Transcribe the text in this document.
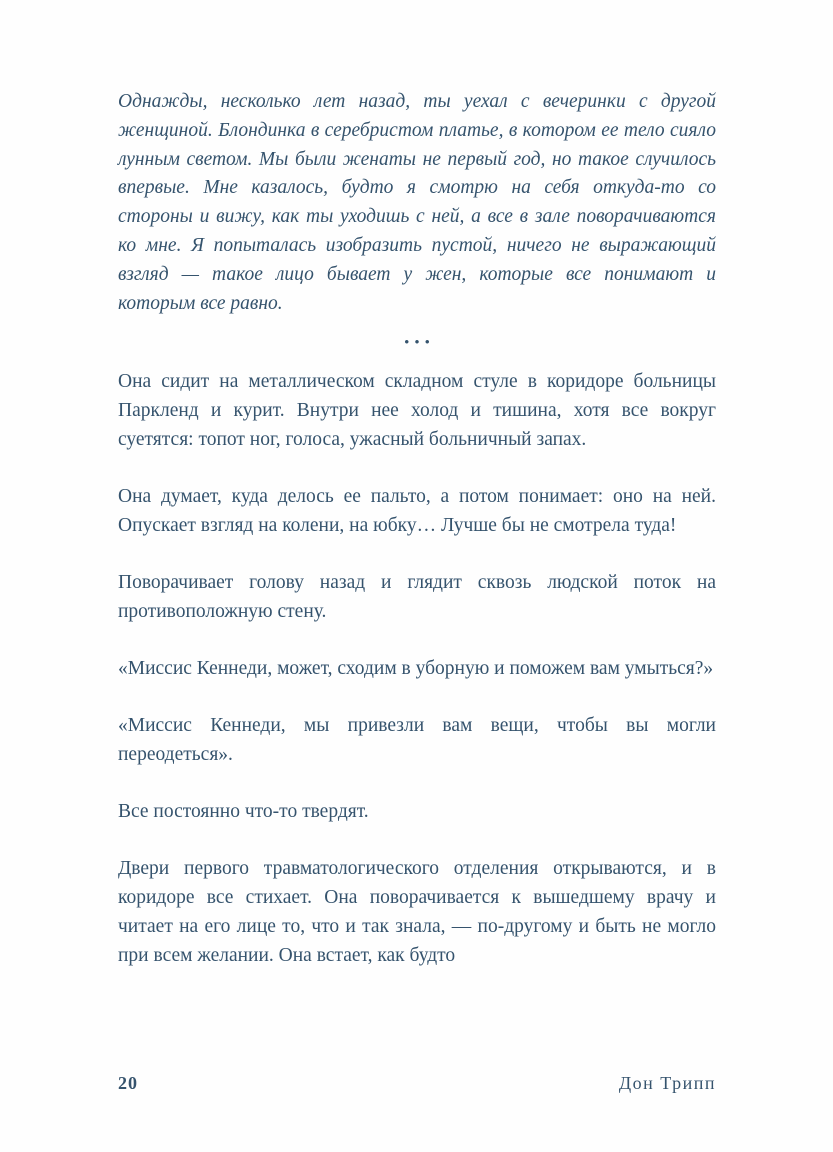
Однажды, несколько лет назад, ты уехал с вечеринки с другой женщиной. Блондинка в серебристом платье, в котором ее тело сияло лунным светом. Мы были женаты не первый год, но такое случилось впервые. Мне казалось, будто я смотрю на себя откуда-то со стороны и вижу, как ты уходишь с ней, а все в зале поворачиваются ко мне. Я попыталась изобразить пустой, ничего не выражающий взгляд — такое лицо бывает у жен, которые все понимают и которым все равно.

•••

Она сидит на металлическом складном стуле в коридоре больницы Паркленд и курит. Внутри нее холод и тишина, хотя все вокруг суетятся: топот ног, голоса, ужасный больничный запах.

Она думает, куда делось ее пальто, а потом понимает: оно на ней. Опускает взгляд на колени, на юбку… Лучше бы не смотрела туда!

Поворачивает голову назад и глядит сквозь людской поток на противоположную стену.

«Миссис Кеннеди, может, сходим в уборную и поможем вам умыться?»

«Миссис Кеннеди, мы привезли вам вещи, чтобы вы могли переодеться».

Все постоянно что-то твердят.

Двери первого травматологического отделения открываются, и в коридоре все стихает. Она поворачивается к вышедшему врачу и читает на его лице то, что и так знала, — по-другому и быть не могло при всем желании. Она встает, как будто

20	Дон Трипп
